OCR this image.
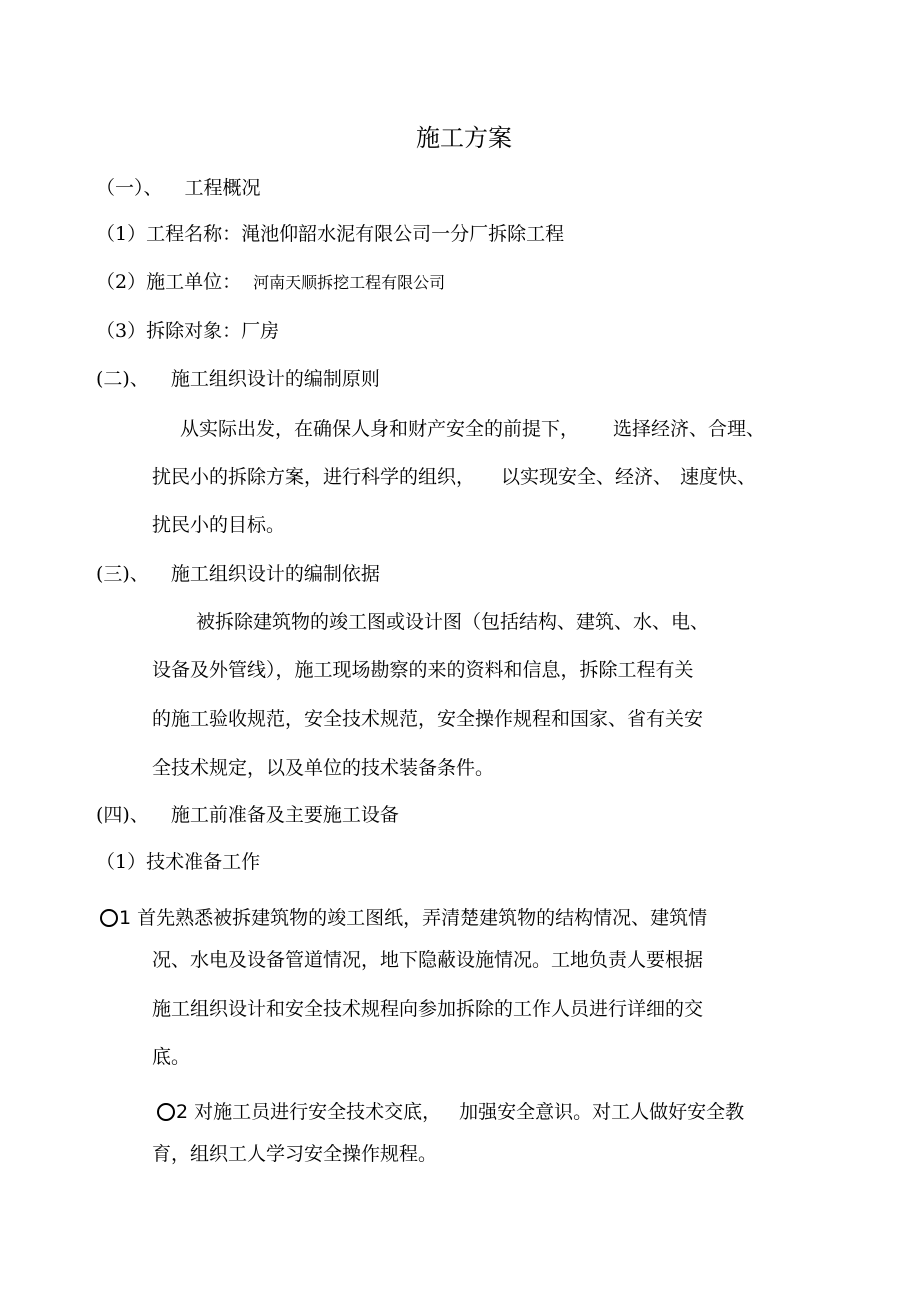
施工方案
（一）、 工程概况
（1）工程名称：渑池仰韶水泥有限公司一分厂拆除工程
（2）施工单位： 河南天顺拆挖工程有限公司
（3）拆除对象：厂房
(二)、 施工组织设计的编制原则
从实际出发，在确保人身和财产安全的前提下， 选择经济、合理、
扰民小的拆除方案，进行科学的组织， 以实现安全、经济、 速度快、
扰民小的目标。
(三)、 施工组织设计的编制依据
被拆除建筑物的竣工图或设计图（包括结构、建筑、水、电、
设备及外管线），施工现场勘察的来的资料和信息，拆除工程有关
的施工验收规范，安全技术规范，安全操作规程和国家、省有关安
全技术规定，以及单位的技术装备条件。
(四)、 施工前准备及主要施工设备
（1）技术准备工作
1 首先熟悉被拆建筑物的竣工图纸，弄清楚建筑物的结构情况、建筑情
况、水电及设备管道情况，地下隐蔽设施情况。工地负责人要根据
施工组织设计和安全技术规程向参加拆除的工作人员进行详细的交
底。
2 对施工员进行安全技术交底， 加强安全意识。对工人做好安全教
育，组织工人学习安全操作规程。
